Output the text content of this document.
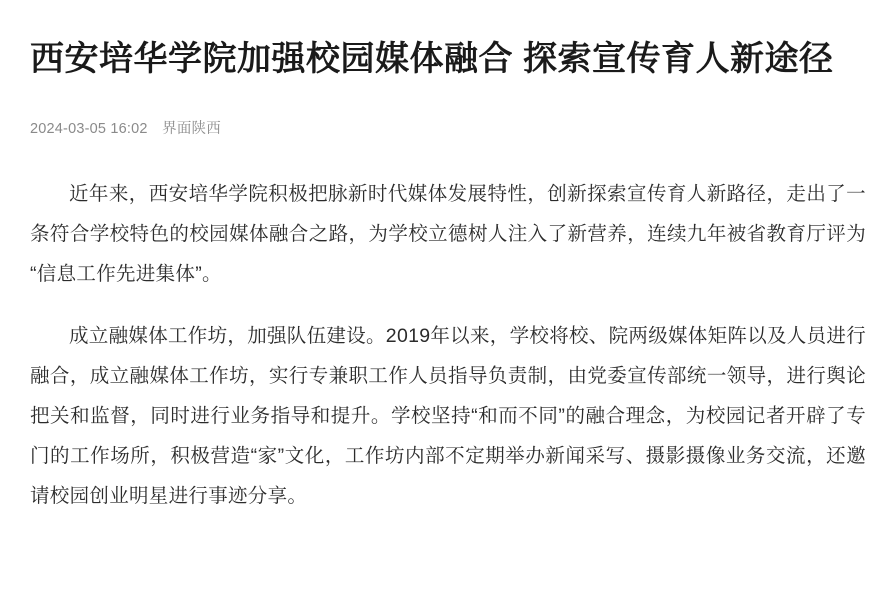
西安培华学院加强校园媒体融合 探索宣传育人新途径
2024-03-05 16:02 界面陕西

近年来，西安培华学院积极把脉新时代媒体发展特性，创新探索宣传育人新路径，走出了一条符合学校特色的校园媒体融合之路，为学校立德树人注入了新营养，连续九年被省教育厅评为“信息工作先进集体”。

成立融媒体工作坊，加强队伍建设。2019年以来，学校将校、院两级媒体矩阵以及人员进行融合，成立融媒体工作坊，实行专兼职工作人员指导负责制，由党委宣传部统一领导，进行舆论把关和监督，同时进行业务指导和提升。学校坚持“和而不同”的融合理念，为校园记者开辟了专门的工作场所，积极营造“家”文化，工作坊内部不定期举办新闻采写、摄影摄像业务交流，还邀请校园创业明星进行事迹分享。
